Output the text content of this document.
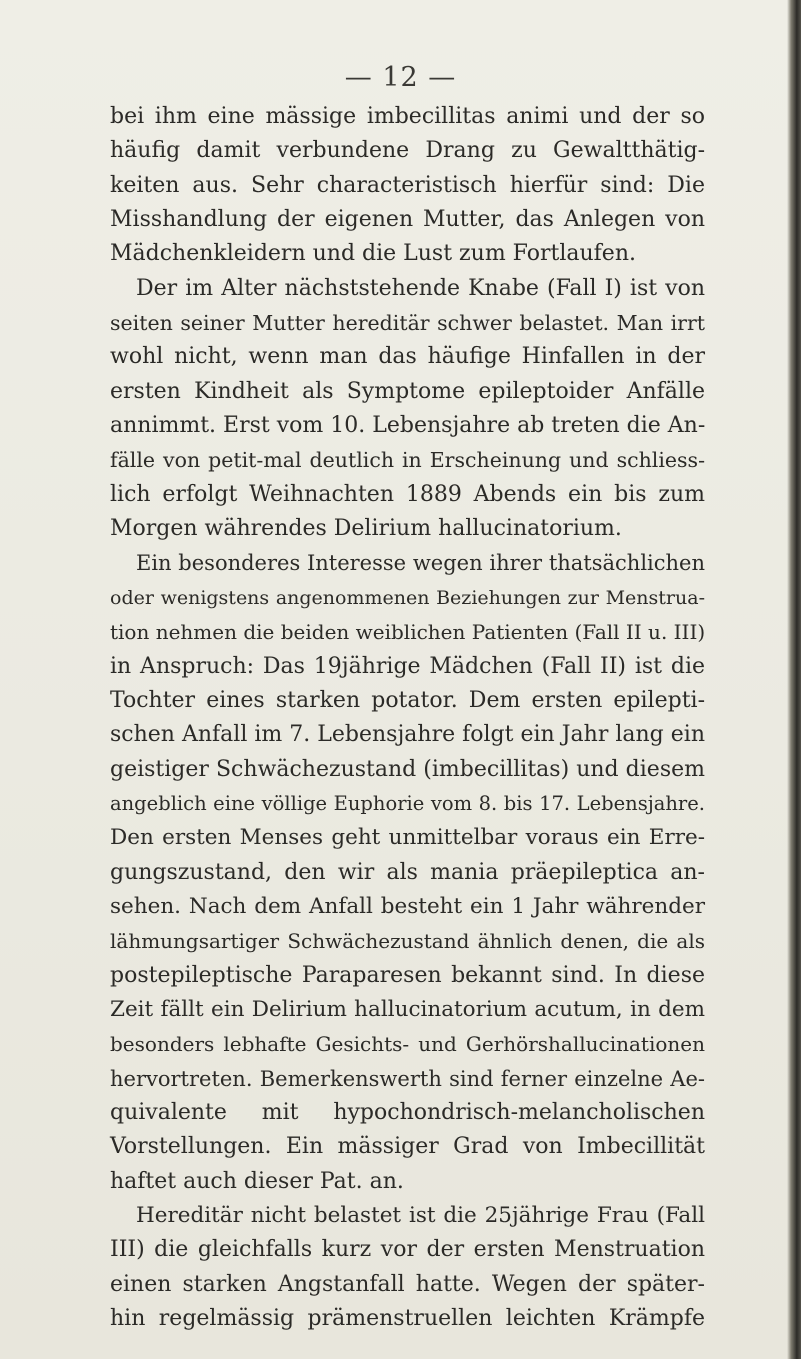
— 12 —
bei ihm eine mässige imbecillitas animi und der so
häufig damit verbundene Drang zu Gewaltthätig-
keiten aus. Sehr characteristisch hierfür sind: Die
Misshandlung der eigenen Mutter, das Anlegen von
Mädchenkleidern und die Lust zum Fortlaufen.
Der im Alter nächststehende Knabe (Fall I) ist von
seiten seiner Mutter hereditär schwer belastet. Man irrt
wohl nicht, wenn man das häufige Hinfallen in der
ersten Kindheit als Symptome epileptoider Anfälle
annimmt. Erst vom 10. Lebensjahre ab treten die An-
fälle von petit-mal deutlich in Erscheinung und schliess-
lich erfolgt Weihnachten 1889 Abends ein bis zum
Morgen währendes Delirium hallucinatorium.
Ein besonderes Interesse wegen ihrer thatsächlichen
oder wenigstens angenommenen Beziehungen zur Menstrua-
tion nehmen die beiden weiblichen Patienten (Fall II u. III)
in Anspruch: Das 19jährige Mädchen (Fall II) ist die
Tochter eines starken potator. Dem ersten epilepti-
schen Anfall im 7. Lebensjahre folgt ein Jahr lang ein
geistiger Schwächezustand (imbecillitas) und diesem
angeblich eine völlige Euphorie vom 8. bis 17. Lebensjahre.
Den ersten Menses geht unmittelbar voraus ein Erre-
gungszustand, den wir als mania präepileptica an-
sehen. Nach dem Anfall besteht ein 1 Jahr währender
lähmungsartiger Schwächezustand ähnlich denen, die als
postepileptische Paraparesen bekannt sind. In diese
Zeit fällt ein Delirium hallucinatorium acutum, in dem
besonders lebhafte Gesichts- und Gerhörshallucinationen
hervortreten. Bemerkenswerth sind ferner einzelne Ae-
quivalente mit hypochondrisch-melancholischen
Vorstellungen. Ein mässiger Grad von Imbecillität
haftet auch dieser Pat. an.
Hereditär nicht belastet ist die 25jährige Frau (Fall
III) die gleichfalls kurz vor der ersten Menstruation
einen starken Angstanfall hatte. Wegen der später-
hin regelmässig prämenstruellen leichten Krämpfe
